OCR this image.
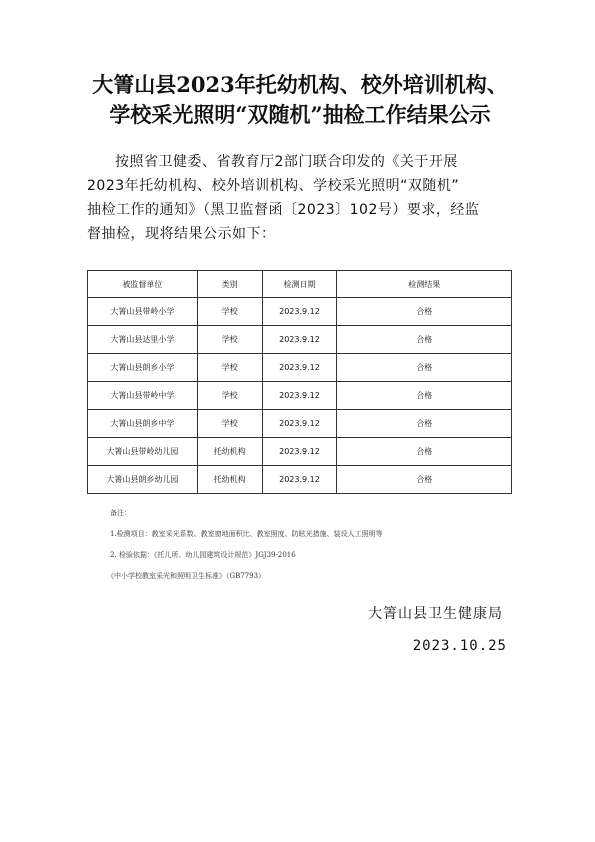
大箐山县2023年托幼机构、校外培训机构、
学校采光照明“双随机”抽检工作结果公示
按照省卫健委、省教育厅2部门联合印发的《关于开展
2023年托幼机构、校外培训机构、学校采光照明“双随机”
抽检工作的通知》（黑卫监督函〔2023〕102号）要求，经监
督抽检，现将结果公示如下：
被监督单位	类别	检测日期	检测结果
大箐山县带岭小学	学校	2023.9.12	合格
大箐山县达里小学	学校	2023.9.12	合格
大箐山县朗乡小学	学校	2023.9.12	合格
大箐山县带岭中学	学校	2023.9.12	合格
大箐山县朗乡中学	学校	2023.9.12	合格
大箐山县带岭幼儿园	托幼机构	2023.9.12	合格
大箐山县朗乡幼儿园	托幼机构	2023.9.12	合格
备注：
1.检测项目：教室采光系数、教室窗地面积比、教室照度、防眩光措施、装设人工照明等
2. 检验依据：《托儿所、幼儿园建筑设计规范》JGJ39-2016
《中小学校教室采光和照明卫生标准》（GB7793）
大箐山县卫生健康局
2023.10.25
